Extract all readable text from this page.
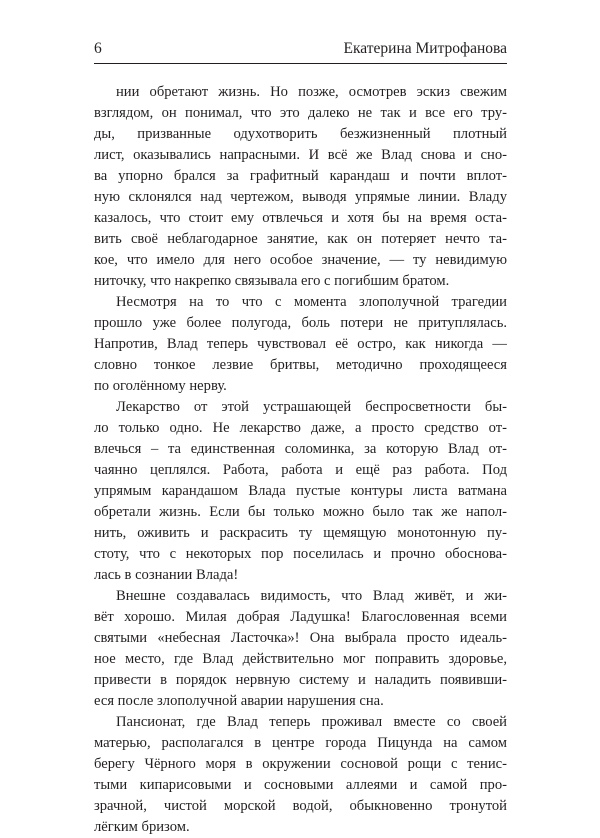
6	Екатерина Митрофанова
нии обретают жизнь. Но позже, осмотрев эскиз свежим
взглядом, он понимал, что это далеко не так и все его тру-
ды, призванные одухотворить безжизненный плотный
лист, оказывались напрасными. И всё же Влад снова и сно-
ва упорно брался за графитный карандаш и почти вплот-
ную склонялся над чертежом, выводя упрямые линии. Владу
казалось, что стоит ему отвлечься и хотя бы на время оста-
вить своё неблагодарное занятие, как он потеряет нечто та-
кое, что имело для него особое значение, — ту невидимую
ниточку, что накрепко связывала его с погибшим братом.
Несмотря на то что с момента злополучной трагедии
прошло уже более полугода, боль потери не притуплялась.
Напротив, Влад теперь чувствовал её остро, как никогда —
словно тонкое лезвие бритвы, методично проходящееся
по оголённому нерву.
Лекарство от этой устрашающей беспросветности бы-
ло только одно. Не лекарство даже, а просто средство от-
влечься – та единственная соломинка, за которую Влад от-
чаянно цеплялся. Работа, работа и ещё раз работа. Под
упрямым карандашом Влада пустые контуры листа ватмана
обретали жизнь. Если бы только можно было так же напол-
нить, оживить и раскрасить ту щемящую монотонную пу-
стоту, что с некоторых пор поселилась и прочно обоснова-
лась в сознании Влада!
Внешне создавалась видимость, что Влад живёт, и жи-
вёт хорошо. Милая добрая Ладушка! Благословенная всеми
святыми «небесная Ласточка»! Она выбрала просто идеаль-
ное место, где Влад действительно мог поправить здоровье,
привести в порядок нервную систему и наладить появивши-
еся после злополучной аварии нарушения сна.
Пансионат, где Влад теперь проживал вместе со своей
матерью, располагался в центре города Пицунда на самом
берегу Чёрного моря в окружении сосновой рощи с тенис-
тыми кипарисовыми и сосновыми аллеями и самой про-
зрачной, чистой морской водой, обыкновенно тронутой
лёгким бризом.
